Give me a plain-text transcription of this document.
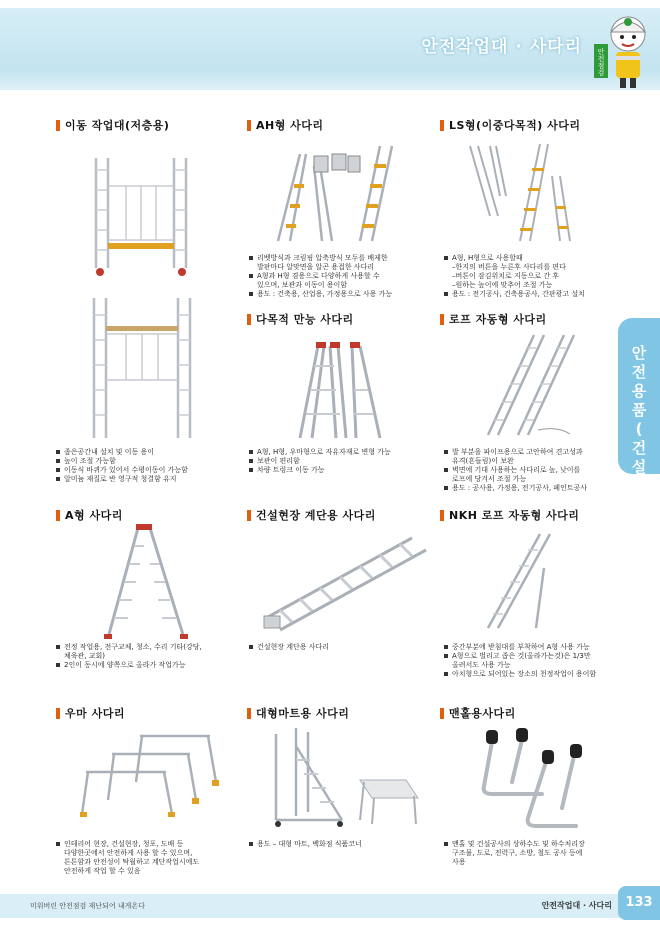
안전작업대 · 사다리
안전점검
이동 작업대(저층용)
좁은공간내 설치 및 이동 용이
높이 조절 가능함
이동식 바퀴가 있어서 수평이동이 가능함
알미늄 재질로 반 영구적 청결함 유지
AH형 사다리
리벳방식과 크림핑 압축방식 모두를 배제한
발판마다 알맞면을 알곤 용접한 사다리
A형과 H형 겸용으로 다양하게 사용할 수
있으며, 보관과 이동이 용이함
용도 : 건축용, 산업용, 가정용으로 사용 가능
LS형(이중다목적) 사다리
A형, H형으로 사용할때
–한지의 버튼을 누른후 사다리를 편다
–버튼이 잠김위치로 지동으로 간 후
–원하는 높이에 맞추어 조절 가능
용도 : 전기공사, 건축용공사, 간판광고 설치
다목적 만능 사다리
A형, H형, 우마형으로 자유자재로 변형 가능
보관이 편리함
차량 트렁크 이동 가능
로프 자동형 사다리
발 부분을 파이프용으로 고안하여 견고성과
유격(흔들림)이 보완
벽면에 기대 사용하는 사다리로 높, 낮이를
로프에 당겨서 조절 가능
용도 : 공사용, 가정용, 전기공사, 페인트공사
A형 사다리
전정 작업용, 전구교체, 청소, 수리 기타(강당,
체육관, 교회)
2인이 동시에 양쪽으로 올라가 작업가능
건설현장 계단용 사다리
건설현장 계단용 사다리
NKH 로프 자동형 사다리
중간부분에 받침대를 부착하여 A형 사용 가능
A형으로 벌리고 좁은 것(올라가는것)은 1/3만
올려서도 사용 가능
아치형으로 되어있는 장소의 천정작업이 용이함
우마 사다리
인테리어 현장, 건설현장, 청포, 도배 등
다양한곳에서 안전하게 사용 할 수 있으며,
튼튼함과 안전성이 탁월하고 계단작업시에도
안전하게 작업 할 수 있음
대형마트용 사다리
용도 – 대형 마트, 백화점 식품코너
맨홀용사다리
맨홀 및 건설공사의 상하수도 및 하수처리장
구조물, 도로, 전력구, 소방, 철도 공사 등에
사용
안
전
용
품
(
건
설
)
미워버린 안전점검 재난되어 내게온다	안전작업대 · 사다리	133
